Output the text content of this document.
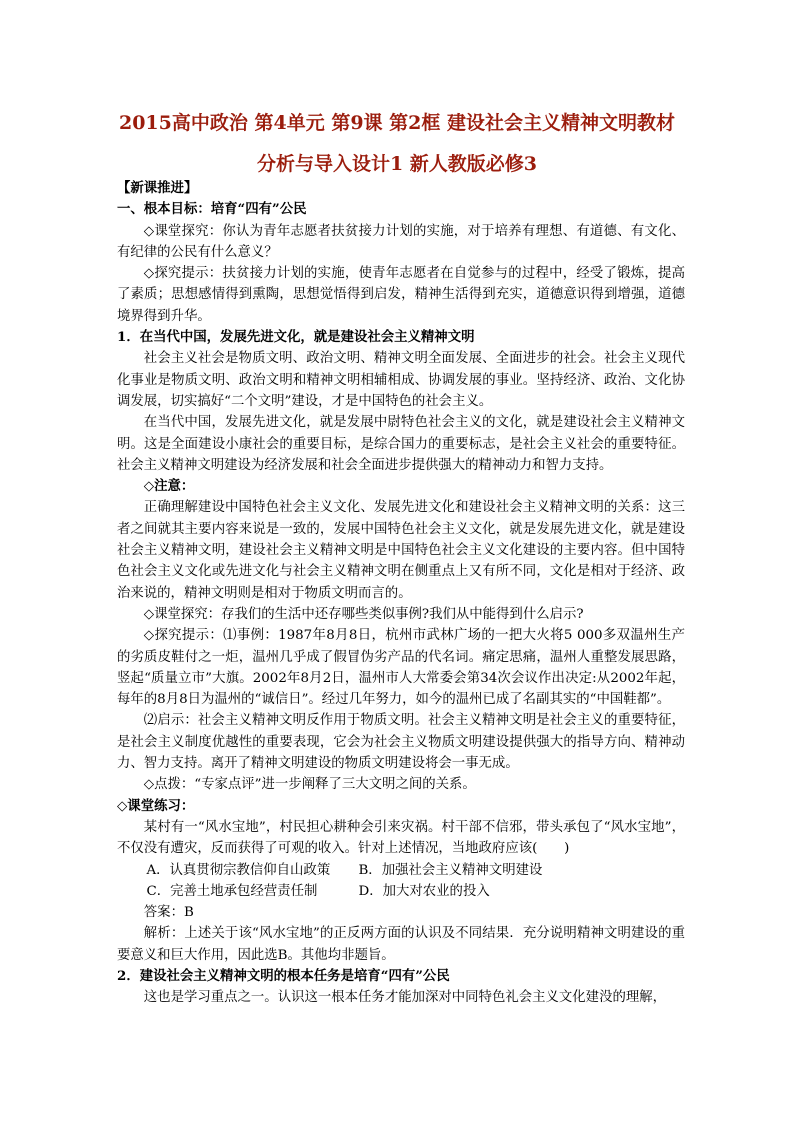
2015高中政治 第4单元 第9课 第2框 建设社会主义精神文明教材
分析与导入设计1 新人教版必修3

【新课推进】

一、根本目标：培育“四有”公民

◇课堂探究：你认为青年志愿者扶贫接力计划的实施，对于培养有理想、有道德、有文化、有纪律的公民有什么意义？

◇探究提示：扶贫接力计划的实施，使青年志愿者在自觉参与的过程中，经受了锻炼，提高了素质；思想感情得到熏陶，思想觉悟得到启发，精神生活得到充实，道德意识得到增强，道德境界得到升华。

1．在当代中国，发展先进文化，就是建设社会主义精神文明

社会主义社会是物质文明、政治文明、精神文明全面发展、全面进步的社会。社会主义现代化事业是物质文明、政治文明和精神文明相辅相成、协调发展的事业。坚持经济、政治、文化协调发展，切实搞好“二个文明”建设，才是中国特色的社会主义。

在当代中国，发展先进文化，就是发展中尉特色社会主义的文化，就是建设社会主义精神文明。这是全面建设小康社会的重要目标，是综合国力的重要标志，是社会主义社会的重要特征。社会主义精神文明建设为经济发展和社会全面进步提供强大的精神动力和智力支持。

◇注意：

正确理解建设中国特色社会主义文化、发展先进文化和建设社会主义精神文明的关系：这三者之间就其主要内容来说是一致的，发展中国特色社会主义文化，就是发展先进文化，就是建设社会主义精神文明，建设社会主义精神文明是中国特色社会主义文化建设的主要内容。但中国特色社会主义文化或先进文化与社会主义精神文明在侧重点上又有所不同，文化是相对于经济、政治来说的，精神文明则是相对于物质文明而言的。

◇课堂探究：存我们的生活中还存哪些类似事例?我们从中能得到什么启示?

◇探究提示：⑴事例：1987年8月8日，杭州市武林广场的一把大火将5 000多双温州生产的劣质皮鞋付之一炬，温州几乎成了假冒伪劣产品的代名词。痛定思痛，温州人重整发展思路，竖起“质量立市”大旗。2002年8月2日，温州市人大常委会第34次会议作出决定:从2002年起，每年的8月8日为温州的“诚信日”。经过几年努力，如今的温州已成了名副其实的“中国鞋都”。

⑵启示：社会主义精神文明反作用于物质文明。社会主义精神文明是社会主义的重要特征，是社会主义制度优越性的重要表现，它会为社会主义物质文明建设提供强大的指导方向、精神动力、智力支持。离开了精神文明建设的物质文明建设将会一事无成。

◇点拨：“专家点评”进一步阐释了三大文明之间的关系。

◇课堂练习：

某村有一“风水宝地”，村民担心耕种会引来灾祸。村干部不信邪，带头承包了“风水宝地”，不仅没有遭灾，反而获得了可观的收入。针对上述情况，当地政府应该(　　)

A．认真贯彻宗教信仰自山政策	B．加强社会主义精神文明建设
C．完善土地承包经营责任制	D．加大对农业的投入

答案：B

解析：上述关于该“风水宝地”的正反两方面的认识及不同结果．充分说明精神文明建设的重要意义和巨大作用，因此选B。其他均非题旨。

2．建设社会主义精神文明的根本任务是培育“四有”公民

这也是学习重点之一。认识这一根本任务才能加深对中同特色礼会主义文化建没的理解，
